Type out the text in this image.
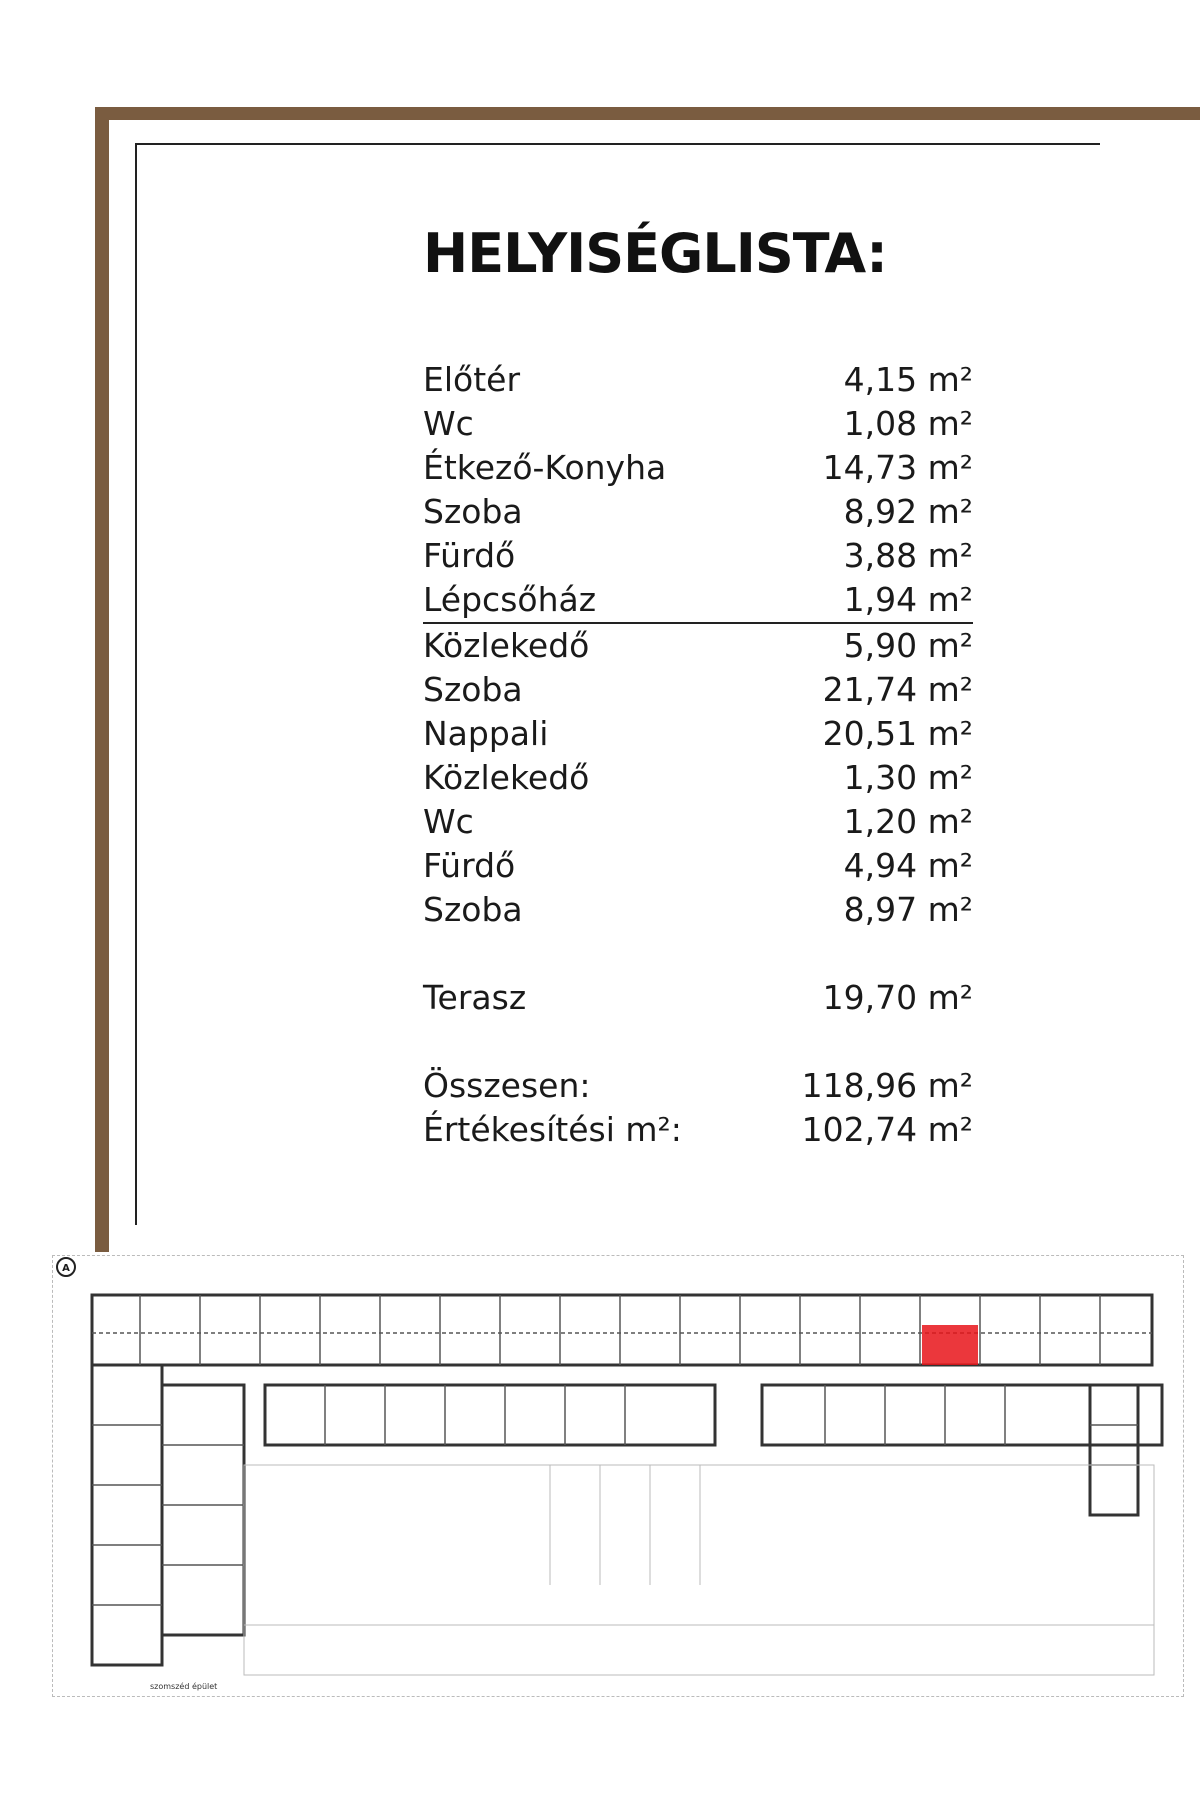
HELYISÉGLISTA:
Előtér	4,15 m²
Wc	1,08 m²
Étkező-Konyha	14,73 m²
Szoba	8,92 m²
Fürdő	3,88 m²
Lépcsőház	1,94 m²
Közlekedő	5,90 m²
Szoba	21,74 m²
Nappali	20,51 m²
Közlekedő	1,30 m²
Wc	1,20 m²
Fürdő	4,94 m²
Szoba	8,97 m²
Terasz	19,70 m²
Összesen:	118,96 m²
Értékesítési m²:	102,74 m²
A
szomszéd épület
